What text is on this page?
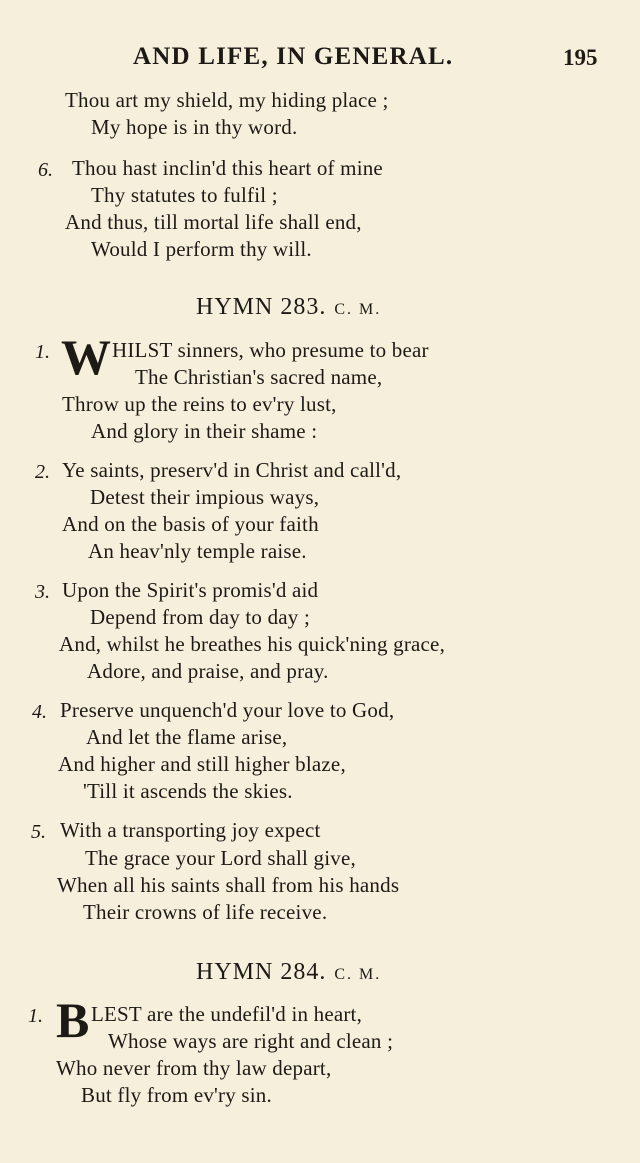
AND LIFE, IN GENERAL.	195
Thou art my shield, my hiding place ;
My hope is in thy word.
6. Thou hast inclin'd this heart of mine
Thy statutes to fulfil ;
And thus, till mortal life shall end,
Would I perform thy will.
HYMN 283. C. M.
1. W HILST sinners, who presume to bear
The Christian's sacred name,
Throw up the reins to ev'ry lust,
And glory in their shame :
2. Ye saints, preserv'd in Christ and call'd,
Detest their impious ways,
And on the basis of your faith
An heav'nly temple raise.
3. Upon the Spirit's promis'd aid
Depend from day to day ;
And, whilst he breathes his quick'ning grace,
Adore, and praise, and pray.
4. Preserve unquench'd your love to God,
And let the flame arise,
And higher and still higher blaze,
'Till it ascends the skies.
5. With a transporting joy expect
The grace your Lord shall give,
When all his saints shall from his hands
Their crowns of life receive.
HYMN 284. C. M.
1. B LEST are the undefil'd in heart,
Whose ways are right and clean ;
Who never from thy law depart,
But fly from ev'ry sin.
